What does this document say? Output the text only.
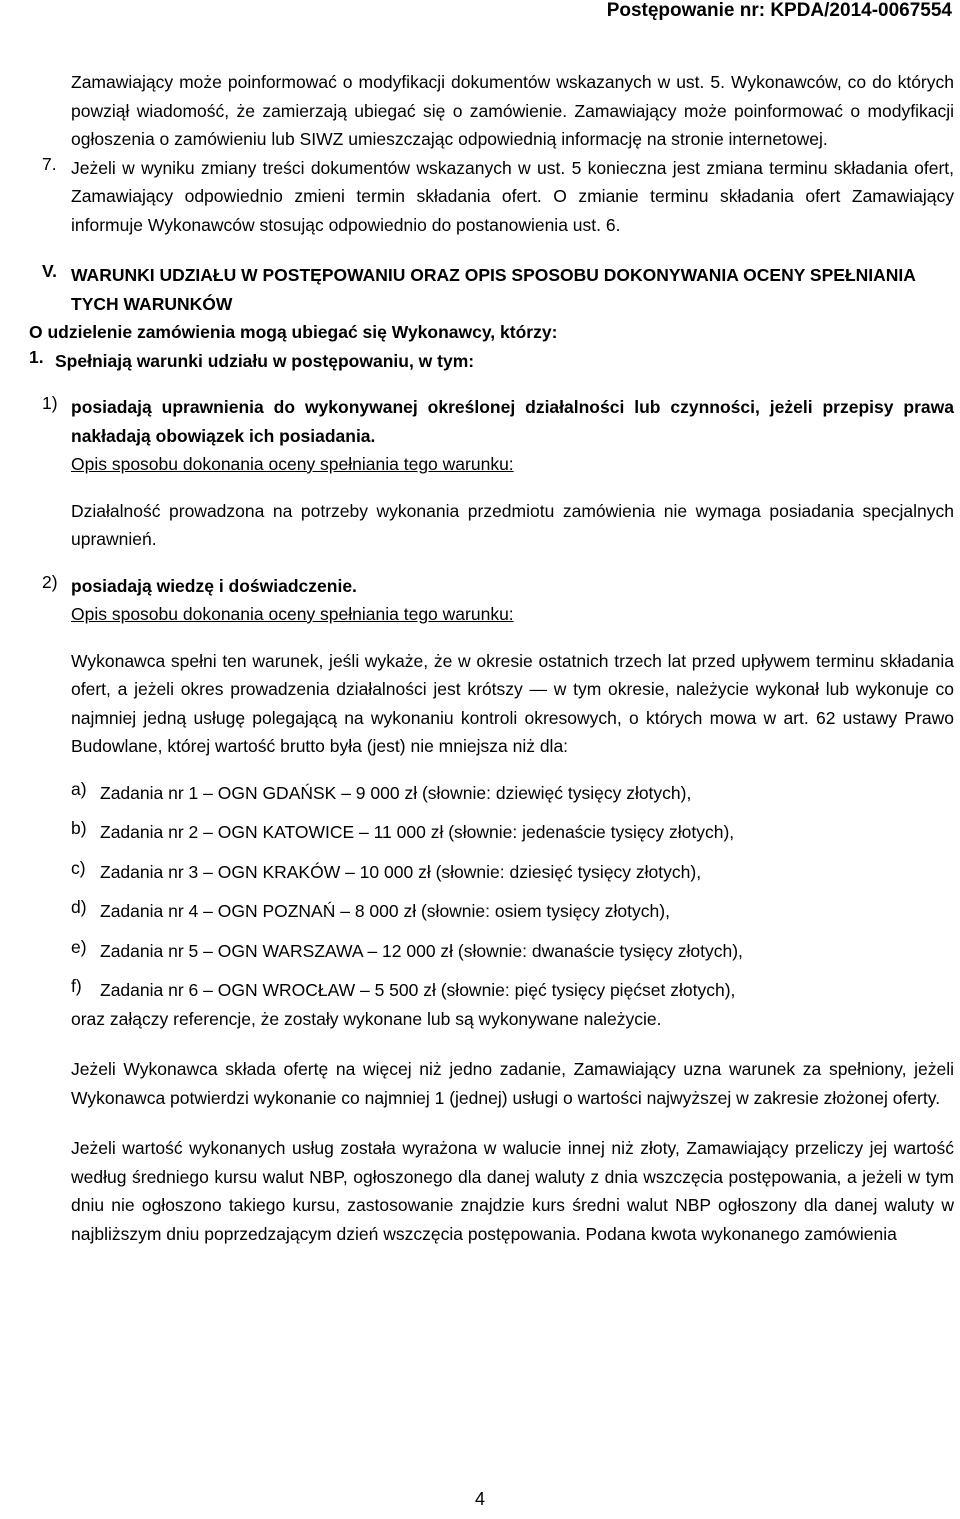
Postępowanie nr: KPDA/2014-0067554

Zamawiający może poinformować o modyfikacji dokumentów wskazanych w ust. 5. Wykonawców, co do których powziął wiadomość, że zamierzają ubiegać się o zamówienie. Zamawiający może poinformować o modyfikacji ogłoszenia o zamówieniu lub SIWZ umieszczając odpowiednią informację na stronie internetowej.

7. Jeżeli w wyniku zmiany treści dokumentów wskazanych w ust. 5 konieczna jest zmiana terminu składania ofert, Zamawiający odpowiednio zmieni termin składania ofert. O zmianie terminu składania ofert Zamawiający informuje Wykonawców stosując odpowiednio do postanowienia ust. 6.

V. WARUNKI UDZIAŁU W POSTĘPOWANIU ORAZ OPIS SPOSOBU DOKONYWANIA OCENY SPEŁNIANIA TYCH WARUNKÓW

O udzielenie zamówienia mogą ubiegać się Wykonawcy, którzy:

1. Spełniają warunki udziału w postępowaniu, w tym:

1) posiadają uprawnienia do wykonywanej określonej działalności lub czynności, jeżeli przepisy prawa nakładają obowiązek ich posiadania.

Opis sposobu dokonania oceny spełniania tego warunku:

Działalność prowadzona na potrzeby wykonania przedmiotu zamówienia nie wymaga posiadania specjalnych uprawnień.

2) posiadają wiedzę i doświadczenie.

Opis sposobu dokonania oceny spełniania tego warunku:

Wykonawca spełni ten warunek, jeśli wykaże, że w okresie ostatnich trzech lat przed upływem terminu składania ofert, a jeżeli okres prowadzenia działalności jest krótszy — w tym okresie, należycie wykonał lub wykonuje co najmniej jedną usługę polegającą na wykonaniu kontroli okresowych, o których mowa w art. 62 ustawy Prawo Budowlane, której wartość brutto była (jest) nie mniejsza niż dla:

a) Zadania nr 1 – OGN GDAŃSK – 9 000 zł (słownie: dziewięć tysięcy złotych),

b) Zadania nr 2 – OGN KATOWICE – 11 000 zł (słownie: jedenaście tysięcy złotych),

c) Zadania nr 3 – OGN KRAKÓW – 10 000 zł (słownie: dziesięć tysięcy złotych),

d) Zadania nr 4 – OGN POZNAŃ – 8 000 zł (słownie: osiem tysięcy złotych),

e) Zadania nr 5 – OGN WARSZAWA – 12 000 zł (słownie: dwanaście tysięcy złotych),

f)	Zadania nr 6 – OGN WROCŁAW – 5 500 zł (słownie: pięć tysięcy pięćset złotych),

oraz załączy referencje, że zostały wykonane lub są wykonywane należycie.

Jeżeli Wykonawca składa ofertę na więcej niż jedno zadanie, Zamawiający uzna warunek za spełniony, jeżeli Wykonawca potwierdzi wykonanie co najmniej 1 (jednej) usługi o wartości najwyższej w zakresie złożonej oferty.

Jeżeli wartość wykonanych usług została wyrażona w walucie innej niż złoty, Zamawiający przeliczy jej wartość według średniego kursu walut NBP, ogłoszonego dla danej waluty z dnia wszczęcia postępowania, a jeżeli w tym dniu nie ogłoszono takiego kursu, zastosowanie znajdzie kurs średni walut NBP ogłoszony dla danej waluty w najbliższym dniu poprzedzającym dzień wszczęcia postępowania. Podana kwota wykonanego zamówienia

4
